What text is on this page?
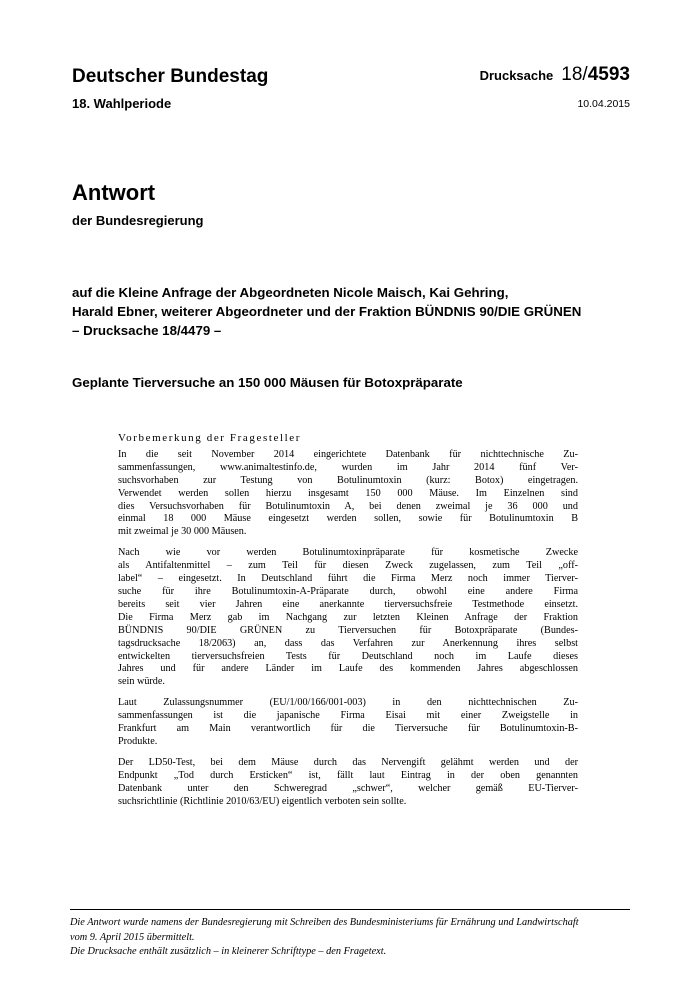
Deutscher Bundestag
18. Wahlperiode
Drucksache 18/4593
10.04.2015
Antwort
der Bundesregierung
auf die Kleine Anfrage der Abgeordneten Nicole Maisch, Kai Gehring,
Harald Ebner, weiterer Abgeordneter und der Fraktion BÜNDNIS 90/DIE GRÜNEN
– Drucksache 18/4479 –
Geplante Tierversuche an 150 000 Mäusen für Botoxpräparate
Vorbemerkung der Fragesteller

In die seit November 2014 eingerichtete Datenbank für nichttechnische Zu-
sammenfassungen, www.animaltestinfo.de, wurden im Jahr 2014 fünf Ver-
suchsvorhaben zur Testung von Botulinumtoxin (kurz: Botox) eingetragen.
Verwendet werden sollen hierzu insgesamt 150 000 Mäuse. Im Einzelnen sind
dies Versuchsvorhaben für Botulinumtoxin A, bei denen zweimal je 36 000 und
einmal 18 000 Mäuse eingesetzt werden sollen, sowie für Botulinumtoxin B
mit zweimal je 30 000 Mäusen.

Nach wie vor werden Botulinumtoxinpräparate für kosmetische Zwecke
als Antifaltenmittel – zum Teil für diesen Zweck zugelassen, zum Teil „off-
label“ – eingesetzt. In Deutschland führt die Firma Merz noch immer Tierver-
suche für ihre Botulinumtoxin-A-Präparate durch, obwohl eine andere Firma
bereits seit vier Jahren eine anerkannte tierversuchsfreie Testmethode einsetzt.
Die Firma Merz gab im Nachgang zur letzten Kleinen Anfrage der Fraktion
BÜNDNIS 90/DIE GRÜNEN zu Tierversuchen für Botoxpräparate (Bundes-
tagsdrucksache 18/2063) an, dass das Verfahren zur Anerkennung ihres selbst
entwickelten tierversuchsfreien Tests für Deutschland noch im Laufe dieses
Jahres und für andere Länder im Laufe des kommenden Jahres abgeschlossen
sein würde.

Laut Zulassungsnummer (EU/1/00/166/001-003) in den nichttechnischen Zu-
sammenfassungen ist die japanische Firma Eisai mit einer Zweigstelle in
Frankfurt am Main verantwortlich für die Tierversuche für Botulinumtoxin-B-
Produkte.

Der LD50-Test, bei dem Mäuse durch das Nervengift gelähmt werden und der
Endpunkt „Tod durch Ersticken“ ist, fällt laut Eintrag in der oben genannten
Datenbank unter den Schweregrad „schwer“, welcher gemäß EU-Tierver-
suchsrichtlinie (Richtlinie 2010/63/EU) eigentlich verboten sein sollte.

Die Antwort wurde namens der Bundesregierung mit Schreiben des Bundesministeriums für Ernährung und Landwirtschaft
vom 9. April 2015 übermittelt.
Die Drucksache enthält zusätzlich – in kleinerer Schrifttype – den Fragetext.
